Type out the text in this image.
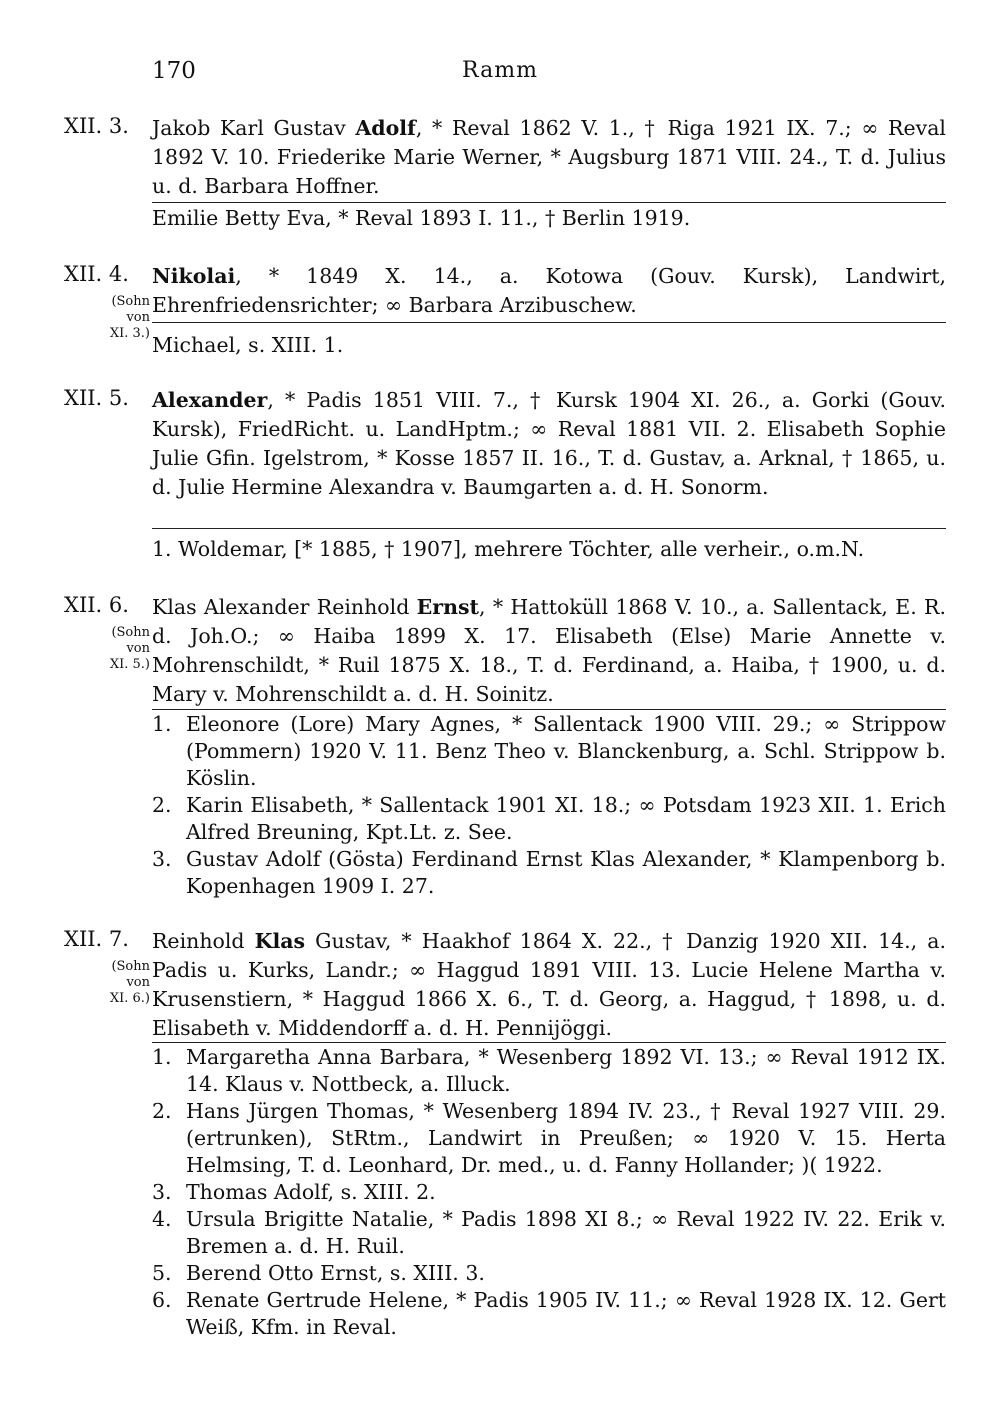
170	Ramm
XII. 3. Jakob Karl Gustav Adolf, * Reval 1862 V. 1., † Riga 1921 IX. 7.; ∞ Reval 1892 V. 10. Friederike Marie Werner, * Augsburg 1871 VIII. 24., T. d. Julius u. d. Barbara Hoffner.
Emilie Betty Eva, * Reval 1893 I. 11., † Berlin 1919.
XII. 4.
(Sohn
von
XI. 3.)
Nikolai, * 1849 X. 14., a. Kotowa (Gouv. Kursk), Landwirt, Ehrenfriedensrichter; ∞ Barbara Arzibuschew.
Michael, s. XIII. 1.
XII. 5. Alexander, * Padis 1851 VIII. 7., † Kursk 1904 XI. 26., a. Gorki (Gouv. Kursk), FriedRicht. u. LandHptm.; ∞ Reval 1881 VII. 2. Elisabeth Sophie Julie Gfin. Igelstrom, * Kosse 1857 II. 16., T. d. Gustav, a. Arknal, † 1865, u. d. Julie Hermine Alexandra v. Baumgarten a. d. H. Sonorm.
1. Woldemar, [* 1885, † 1907], mehrere Töchter, alle verheir., o.m.N.
XII. 6.
(Sohn
von
XI. 5.)
Klas Alexander Reinhold Ernst, * Hattoküll 1868 V. 10., a. Sallentack, E. R. d. Joh.O.; ∞ Haiba 1899 X. 17. Elisabeth (Else) Marie Annette v. Mohrenschildt, * Ruil 1875 X. 18., T. d. Ferdinand, a. Haiba, † 1900, u. d. Mary v. Mohrenschildt a. d. H. Soinitz.
1. Eleonore (Lore) Mary Agnes, * Sallentack 1900 VIII. 29.; ∞ Strippow (Pommern) 1920 V. 11. Benz Theo v. Blanckenburg, a. Schl. Strippow b. Köslin.
2. Karin Elisabeth, * Sallentack 1901 XI. 18.; ∞ Potsdam 1923 XII. 1. Erich Alfred Breuning, Kpt.Lt. z. See.
3. Gustav Adolf (Gösta) Ferdinand Ernst Klas Alexander, * Klampenborg b. Kopenhagen 1909 I. 27.
XII. 7.
(Sohn
von
XI. 6.)
Reinhold Klas Gustav, * Haakhof 1864 X. 22., † Danzig 1920 XII. 14., a. Padis u. Kurks, Landr.; ∞ Haggud 1891 VIII. 13. Lucie Helene Martha v. Krusenstiern, * Haggud 1866 X. 6., T. d. Georg, a. Haggud, † 1898, u. d. Elisabeth v. Middendorff a. d. H. Pennijöggi.
1. Margaretha Anna Barbara, * Wesenberg 1892 VI. 13.; ∞ Reval 1912 IX. 14. Klaus v. Nottbeck, a. Illuck.
2. Hans Jürgen Thomas, * Wesenberg 1894 IV. 23., † Reval 1927 VIII. 29. (ertrunken), StRtm., Landwirt in Preußen; ∞ 1920 V. 15. Herta Helmsing, T. d. Leonhard, Dr. med., u. d. Fanny Hollander; )( 1922.
3. Thomas Adolf, s. XIII. 2.
4. Ursula Brigitte Natalie, * Padis 1898 XI 8.; ∞ Reval 1922 IV. 22. Erik v. Bremen a. d. H. Ruil.
5. Berend Otto Ernst, s. XIII. 3.
6. Renate Gertrude Helene, * Padis 1905 IV. 11.; ∞ Reval 1928 IX. 12. Gert Weiß, Kfm. in Reval.
